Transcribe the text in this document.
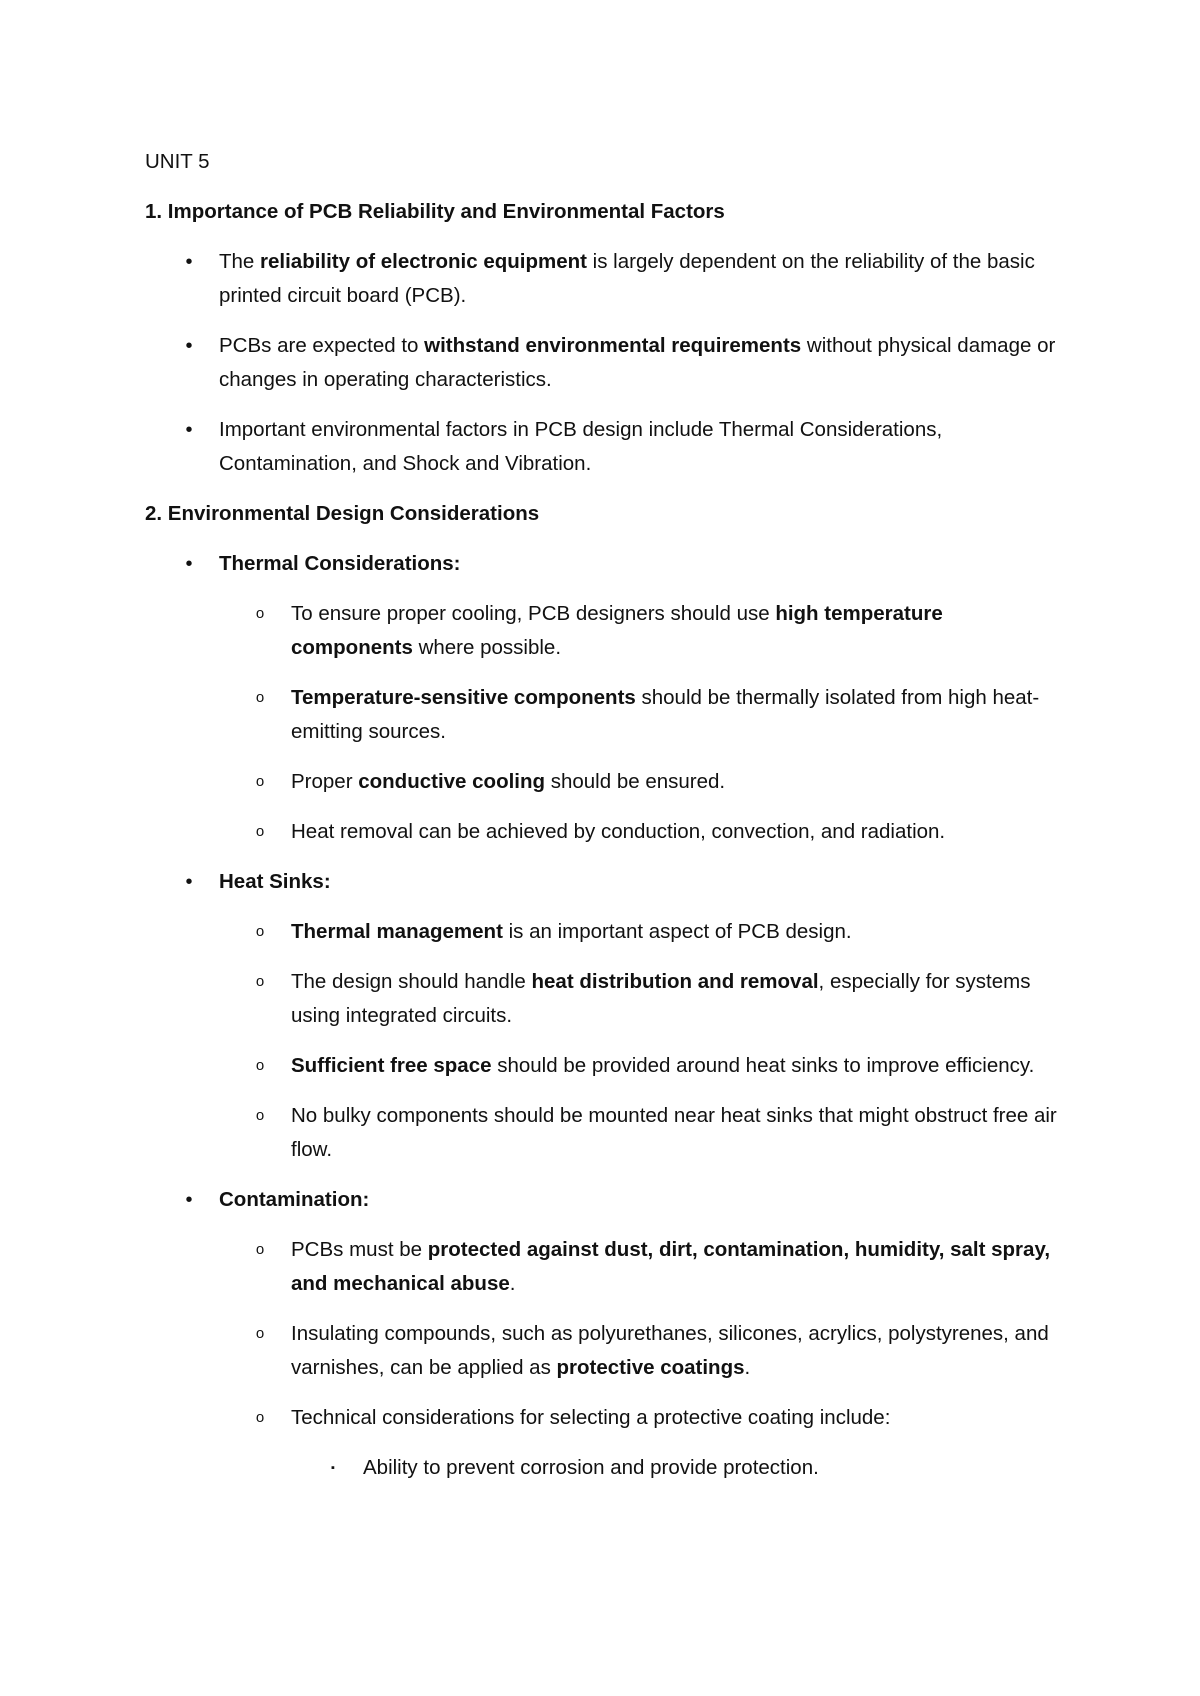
UNIT 5
1. Importance of PCB Reliability and Environmental Factors
• The reliability of electronic equipment is largely dependent on the reliability of the basic printed circuit board (PCB).
• PCBs are expected to withstand environmental requirements without physical damage or changes in operating characteristics.
• Important environmental factors in PCB design include Thermal Considerations, Contamination, and Shock and Vibration.
2. Environmental Design Considerations
• Thermal Considerations:
o To ensure proper cooling, PCB designers should use high temperature components where possible.
o Temperature-sensitive components should be thermally isolated from high heat-emitting sources.
o Proper conductive cooling should be ensured.
o Heat removal can be achieved by conduction, convection, and radiation.
• Heat Sinks:
o Thermal management is an important aspect of PCB design.
o The design should handle heat distribution and removal, especially for systems using integrated circuits.
o Sufficient free space should be provided around heat sinks to improve efficiency.
o No bulky components should be mounted near heat sinks that might obstruct free air flow.
• Contamination:
o PCBs must be protected against dust, dirt, contamination, humidity, salt spray, and mechanical abuse.
o Insulating compounds, such as polyurethanes, silicones, acrylics, polystyrenes, and varnishes, can be applied as protective coatings.
o Technical considerations for selecting a protective coating include:
▪ Ability to prevent corrosion and provide protection.
